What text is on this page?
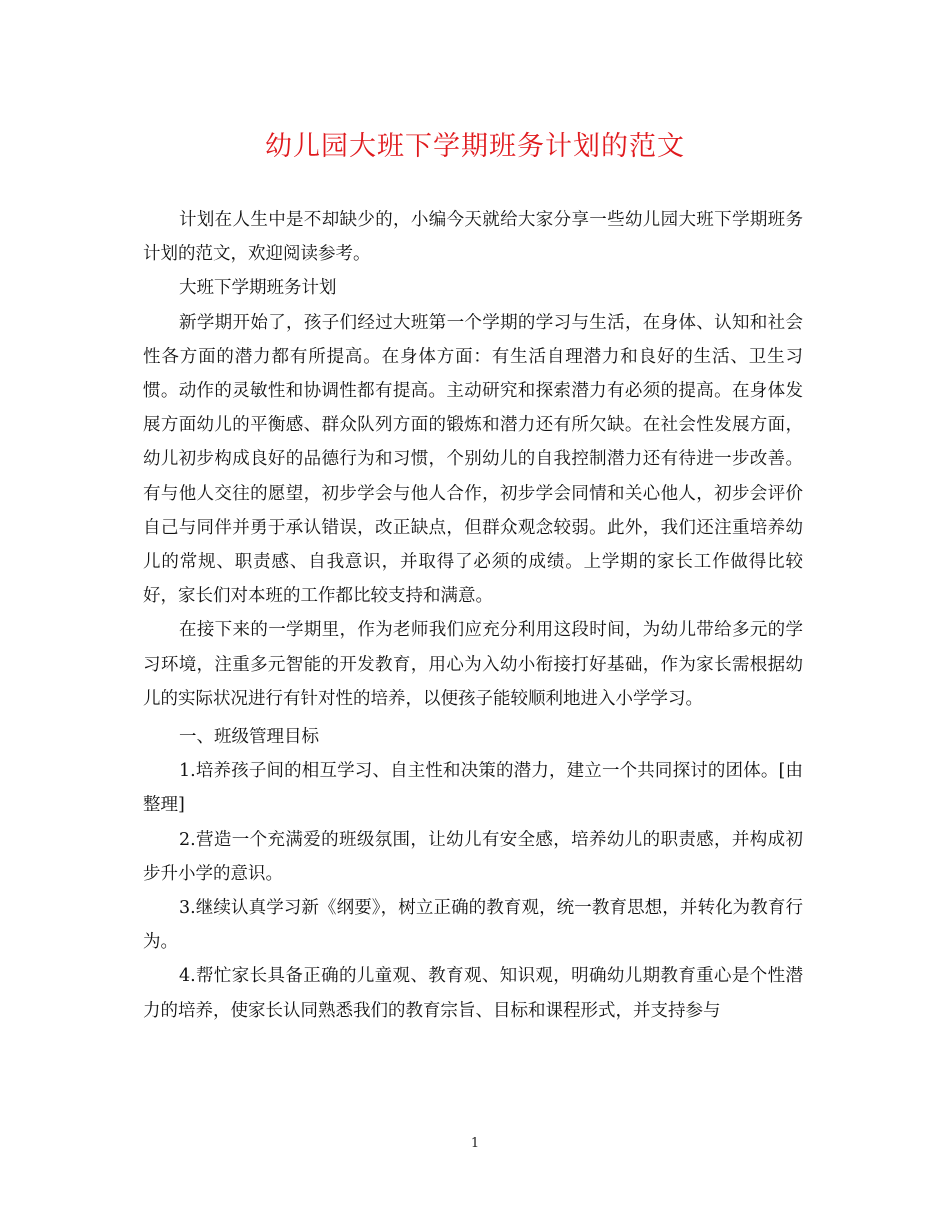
幼儿园大班下学期班务计划的范文

计划在人生中是不却缺少的，小编今天就给大家分享一些幼儿园大班下学期班务计划的范文，欢迎阅读参考。

大班下学期班务计划

新学期开始了，孩子们经过大班第一个学期的学习与生活，在身体、认知和社会性各方面的潜力都有所提高。在身体方面：有生活自理潜力和良好的生活、卫生习惯。动作的灵敏性和协调性都有提高。主动研究和探索潜力有必须的提高。在身体发展方面幼儿的平衡感、群众队列方面的锻炼和潜力还有所欠缺。在社会性发展方面，幼儿初步构成良好的品德行为和习惯，个别幼儿的自我控制潜力还有待进一步改善。有与他人交往的愿望，初步学会与他人合作，初步学会同情和关心他人，初步会评价自己与同伴并勇于承认错误，改正缺点，但群众观念较弱。此外，我们还注重培养幼儿的常规、职责感、自我意识，并取得了必须的成绩。上学期的家长工作做得比较好，家长们对本班的工作都比较支持和满意。

在接下来的一学期里，作为老师我们应充分利用这段时间，为幼儿带给多元的学习环境，注重多元智能的开发教育，用心为入幼小衔接打好基础，作为家长需根据幼儿的实际状况进行有针对性的培养，以便孩子能较顺利地进入小学学习。

一、班级管理目标

1.培养孩子间的相互学习、自主性和决策的潜力，建立一个共同探讨的团体。[由整理]

2.营造一个充满爱的班级氛围，让幼儿有安全感，培养幼儿的职责感，并构成初步升小学的意识。

3.继续认真学习新《纲要》，树立正确的教育观，统一教育思想，并转化为教育行为。

4.帮忙家长具备正确的儿童观、教育观、知识观，明确幼儿期教育重心是个性潜力的培养，使家长认同熟悉我们的教育宗旨、目标和课程形式，并支持参与

1
